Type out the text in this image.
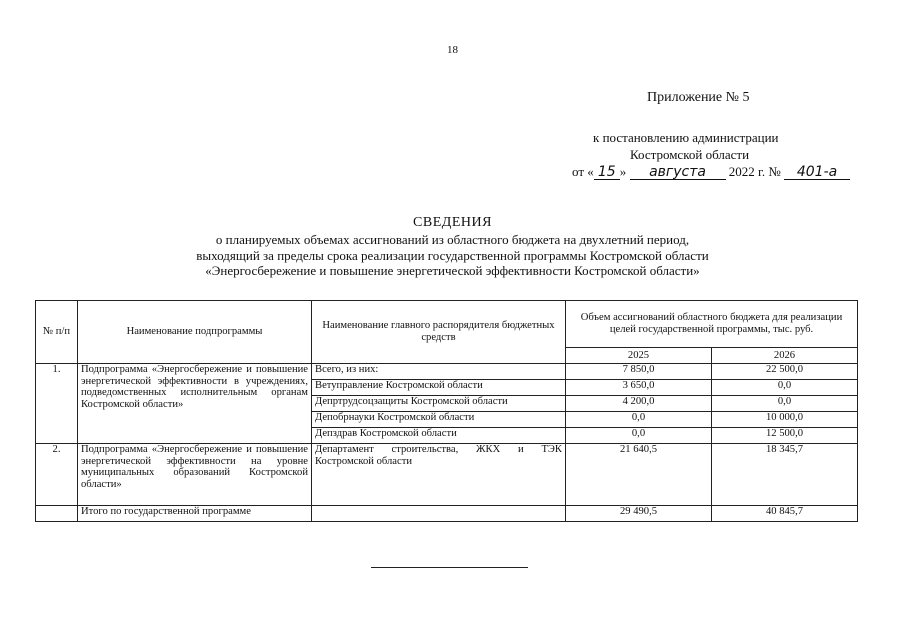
18
Приложение № 5
к постановлению администрации
Костромской области
от « 15 » августа 2022 г. № 401-а
СВЕДЕНИЯ
о планируемых объемах ассигнований из областного бюджета на двухлетний период,
выходящий за пределы срока реализации государственной программы Костромской области
«Энергосбережение и повышение энергетической эффективности Костромской области»
№ п/п	Наименование подпрограммы	Наименование главного распорядителя бюджетных средств	Объем ассигнований областного бюджета для реализации целей государственной программы, тыс. руб.	
			2025	2026
1.	Подпрограмма «Энергосбережение и повышение энергетической эффективности в учреждениях, подведомственных исполнительным органам Костромской области»	Всего, из них:	7 850,0	22 500,0
		Ветуправление Костромской области	3 650,0	0,0
		Депртрудсоцзащиты Костромской области	4 200,0	0,0
		Депобрнауки Костромской области	0,0	10 000,0
		Депздрав Костромской области	0,0	12 500,0
2.	Подпрограмма «Энергосбережение и повышение энергетической эффективности на уровне муниципальных образований Костромской области»	Департамент строительства, ЖКХ и ТЭК Костромской области	21 640,5	18 345,7
	Итого по государственной программе		29 490,5	40 845,7
